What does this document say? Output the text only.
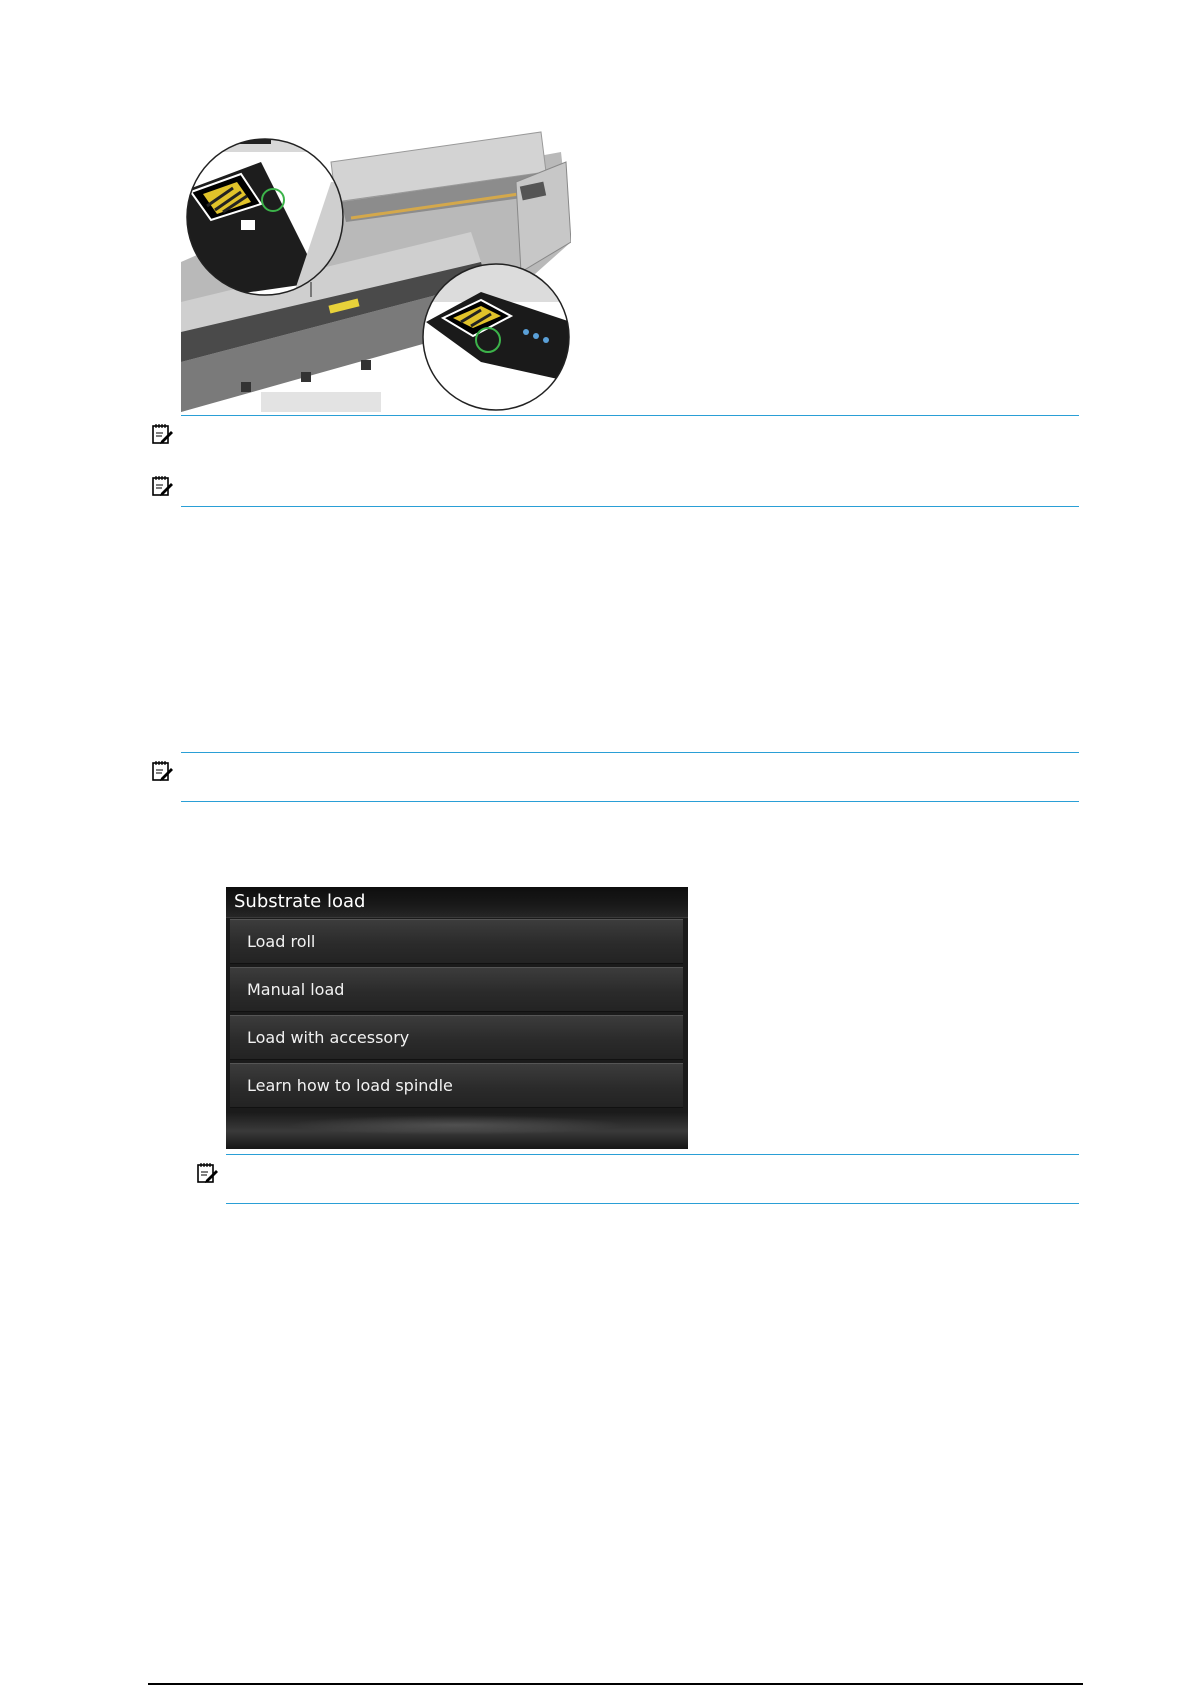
Substrate load
Load roll
Manual load
Load with accessory
Learn how to load spindle
